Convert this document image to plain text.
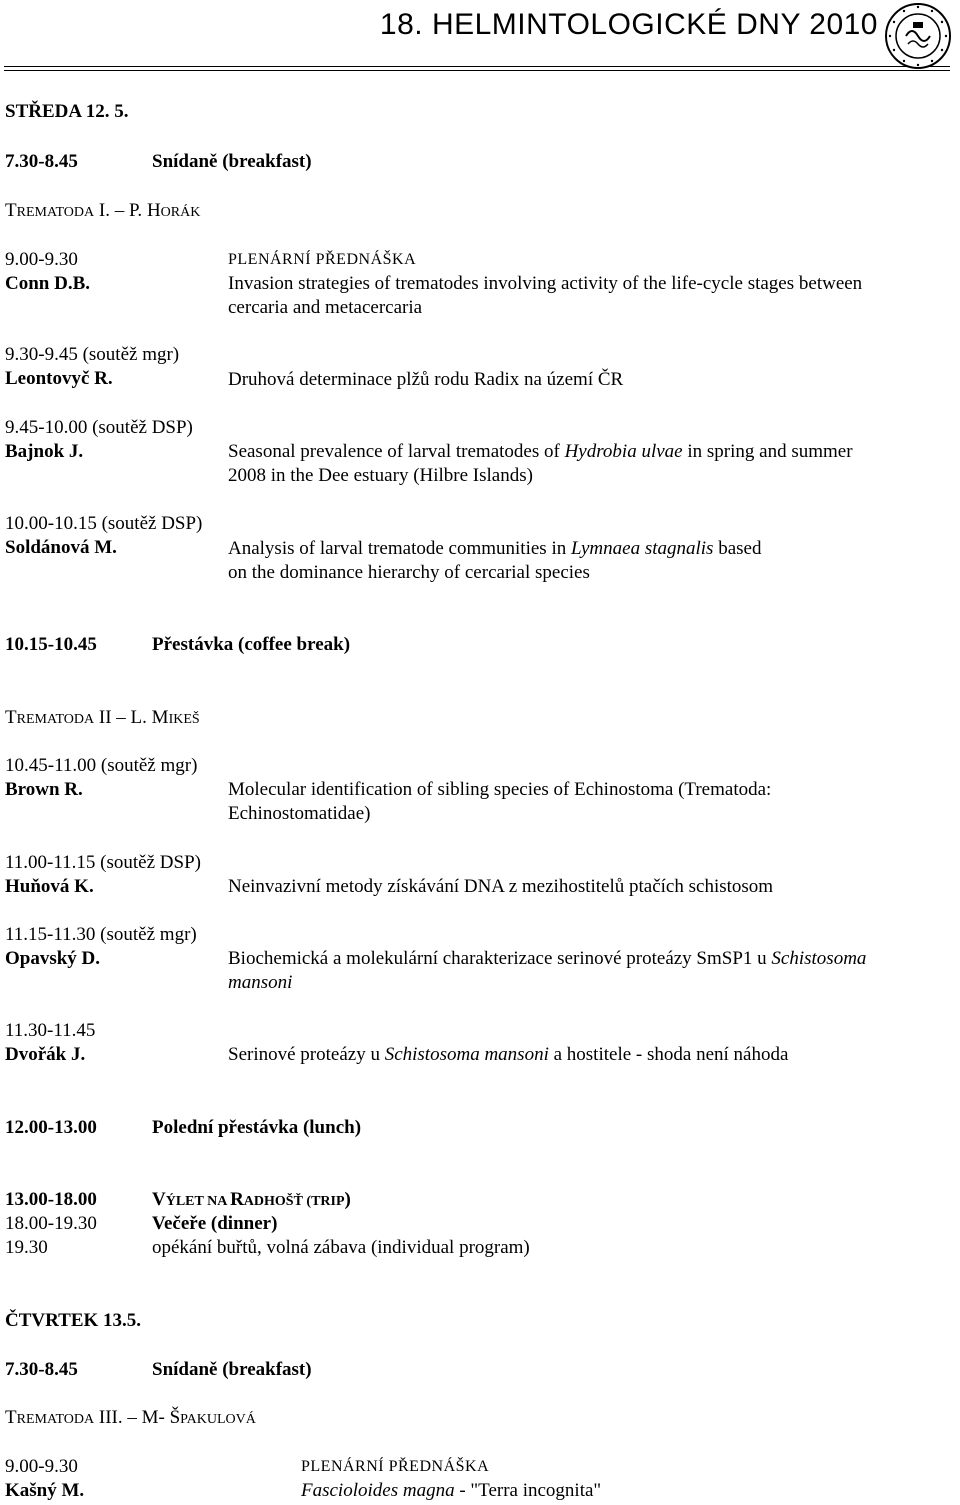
18. HELMINTOLOGICKÉ DNY 2010
STŘEDA 12. 5.
7.30-8.45	Snídaně (breakfast)
TREMATODA I. – P. HORÁK
9.00-9.30	PLENÁRNÍ PŘEDNÁŠKA
Conn D.B.	Invasion strategies of trematodes involving activity of the life-cycle stages between
cercaria and metacercaria
9.30-9.45 (soutěž mgr)
Leontovyč R.	Druhová determinace plžů rodu Radix na území ČR
9.45-10.00 (soutěž DSP)
Bajnok J.	Seasonal prevalence of larval trematodes of Hydrobia ulvae in spring and summer
2008 in the Dee estuary (Hilbre Islands)
10.00-10.15 (soutěž DSP)
Soldánová M.	Analysis of larval trematode communities in Lymnaea stagnalis based
on the dominance hierarchy of cercarial species
10.15-10.45	Přestávka (coffee break)
TREMATODA II – L. MIKEŠ
10.45-11.00 (soutěž mgr)
Brown R.	Molecular identification of sibling species of Echinostoma (Trematoda:
Echinostomatidae)
11.00-11.15 (soutěž DSP)
Huňová K.	Neinvazivní metody získávání DNA z mezihostitelů ptačích schistosom
11.15-11.30 (soutěž mgr)
Opavský D.	Biochemická a molekulární charakterizace serinové proteázy SmSP1 u Schistosoma
mansoni
11.30-11.45
Dvořák J.	Serinové proteázy u Schistosoma mansoni a hostitele - shoda není náhoda
12.00-13.00	Polední přestávka (lunch)
13.00-18.00	VÝLET NA RADHOŠŤ (TRIP)
18.00-19.30	Večeře (dinner)
19.30	opékání buřtů, volná zábava (individual program)
ČTVRTEK 13.5.
7.30-8.45	Snídaně (breakfast)
TREMATODA III. – M- ŠPAKULOVÁ
9.00-9.30	PLENÁRNÍ PŘEDNÁŠKA
Kašný M.	Fascioloides magna - "Terra incognita"
